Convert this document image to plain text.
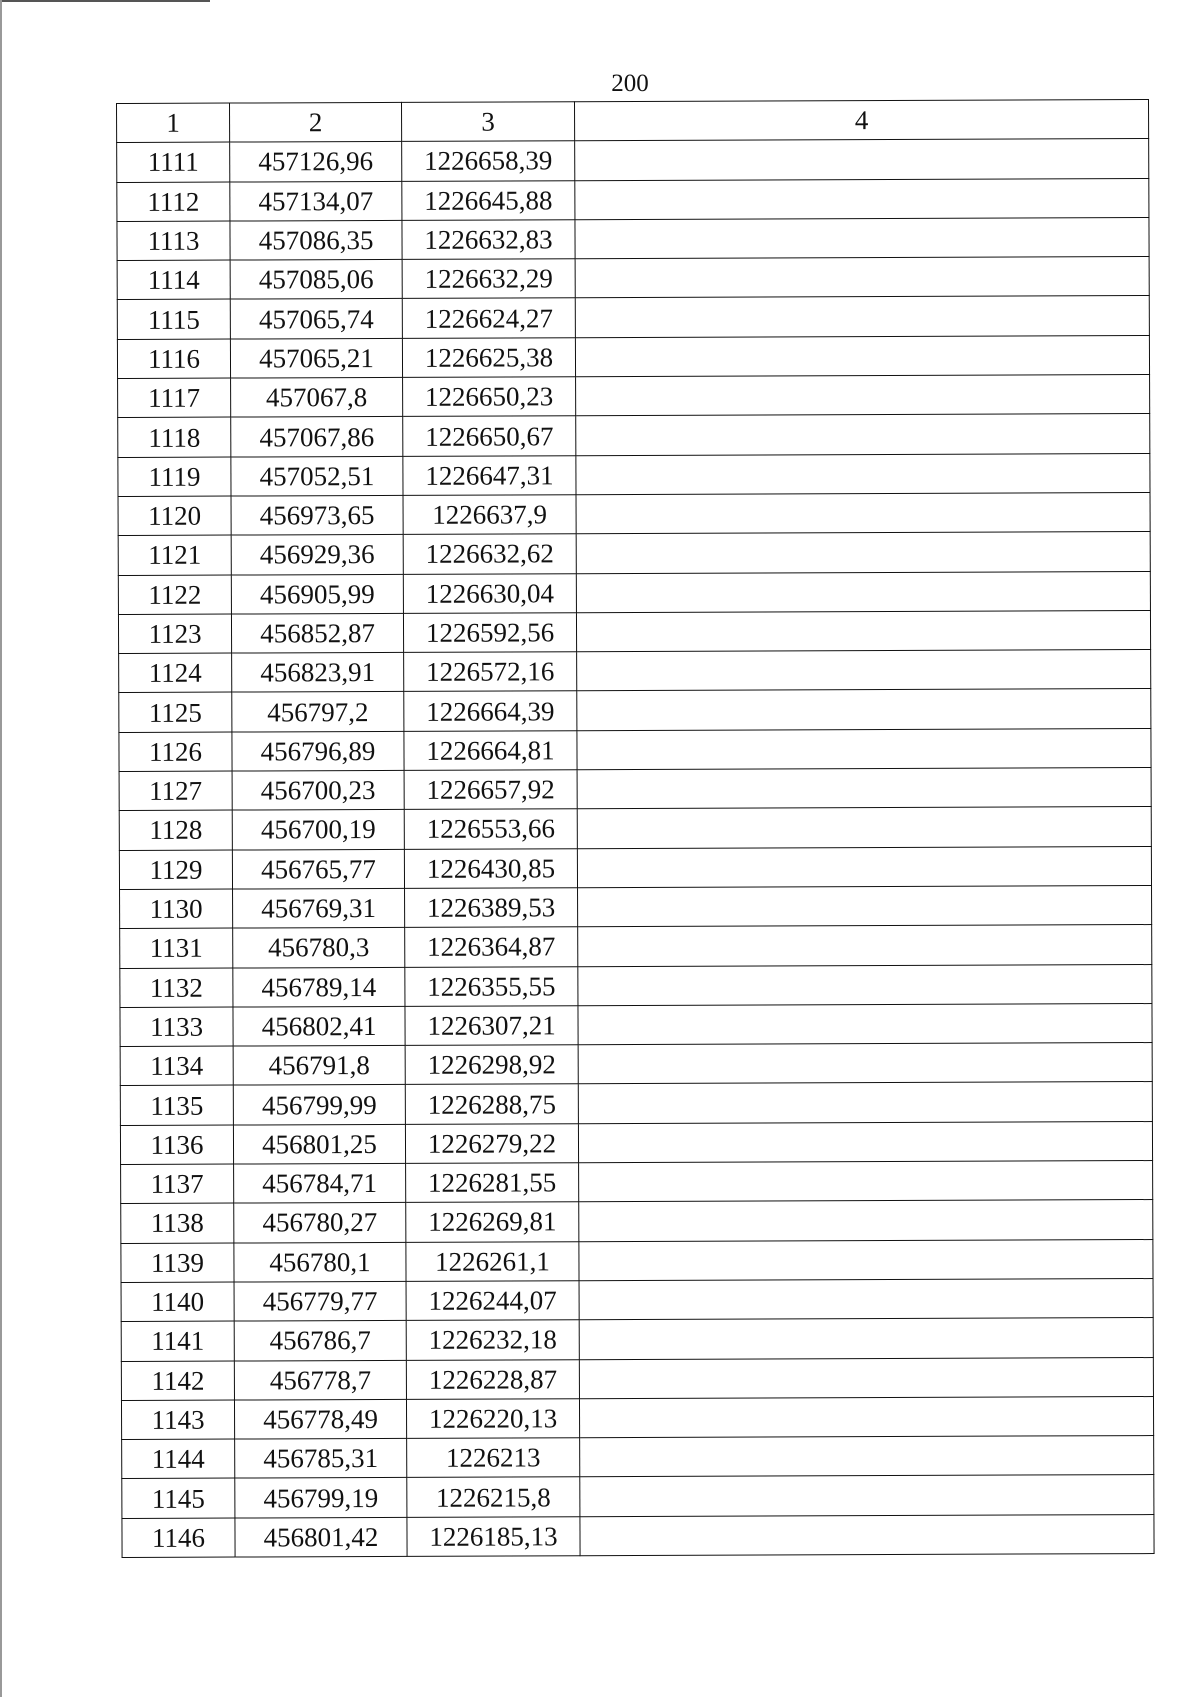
200
1	2	3	4
1111	457126,96	1226658,39	
1112	457134,07	1226645,88	
1113	457086,35	1226632,83	
1114	457085,06	1226632,29	
1115	457065,74	1226624,27	
1116	457065,21	1226625,38	
1117	457067,8	1226650,23	
1118	457067,86	1226650,67	
1119	457052,51	1226647,31	
1120	456973,65	1226637,9	
1121	456929,36	1226632,62	
1122	456905,99	1226630,04	
1123	456852,87	1226592,56	
1124	456823,91	1226572,16	
1125	456797,2	1226664,39	
1126	456796,89	1226664,81	
1127	456700,23	1226657,92	
1128	456700,19	1226553,66	
1129	456765,77	1226430,85	
1130	456769,31	1226389,53	
1131	456780,3	1226364,87	
1132	456789,14	1226355,55	
1133	456802,41	1226307,21	
1134	456791,8	1226298,92	
1135	456799,99	1226288,75	
1136	456801,25	1226279,22	
1137	456784,71	1226281,55	
1138	456780,27	1226269,81	
1139	456780,1	1226261,1	
1140	456779,77	1226244,07	
1141	456786,7	1226232,18	
1142	456778,7	1226228,87	
1143	456778,49	1226220,13	
1144	456785,31	1226213	
1145	456799,19	1226215,8	
1146	456801,42	1226185,13	
